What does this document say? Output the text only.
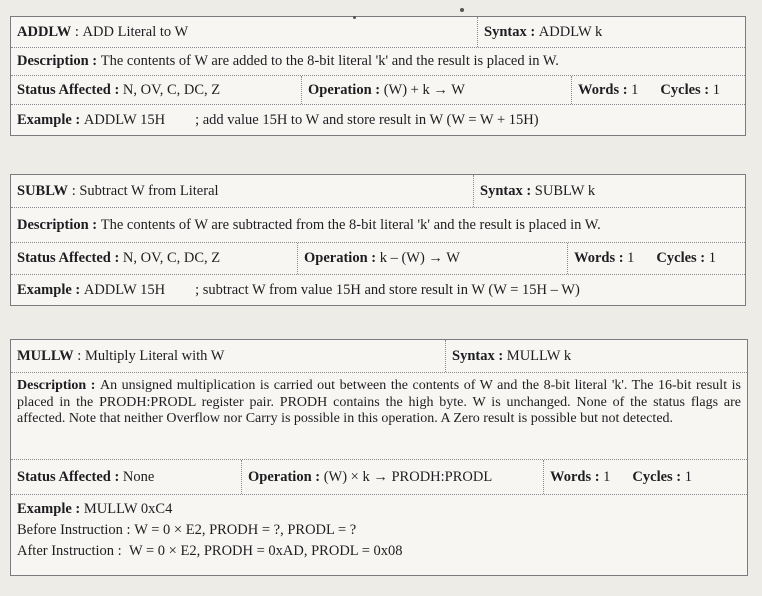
ADDLW : ADD Literal to W	Syntax :
ADDLW k
Description :
The contents of W are added to the 8-bit literal 'k' and the result is placed in W.
Status Affected :
N, OV, C, DC, Z	Operation :
(W) + k → W	Words :
1 Cycles :
1
Example :
ADDLW 15H ; add value 15H to W and store result in W (W = W + 15H)
SUBLW : Subtract W from Literal	Syntax :
SUBLW k
Description :
The contents of W are subtracted from the 8-bit literal 'k' and the result is placed in W.
Status Affected :
N, OV, C, DC, Z	Operation :
k – (W) → W	Words :
1 Cycles :
1
Example :
ADDLW 15H ; subtract W from value 15H and store result in W (W = 15H – W)
MULLW : Multiply Literal with W	Syntax :
MULLW k
Description : An unsigned multiplication is carried out between the contents of W and the 8-bit literal 'k'. The 16-bit result is placed in the PRODH:PRODL register pair. PRODH contains the high byte. W is unchanged. None of the status flags are affected. Note that neither Overflow nor Carry is possible in this operation. A Zero result is possible but not detected.
Status Affected :
None	Operation :
(W) × k → PRODH:PRODL	Words :
1 Cycles :
1
Example : MULLW 0xC4
Before Instruction : W = 0 × E2, PRODH = ?, PRODL = ?
After Instruction : W = 0 × E2, PRODH = 0xAD, PRODL = 0x08
